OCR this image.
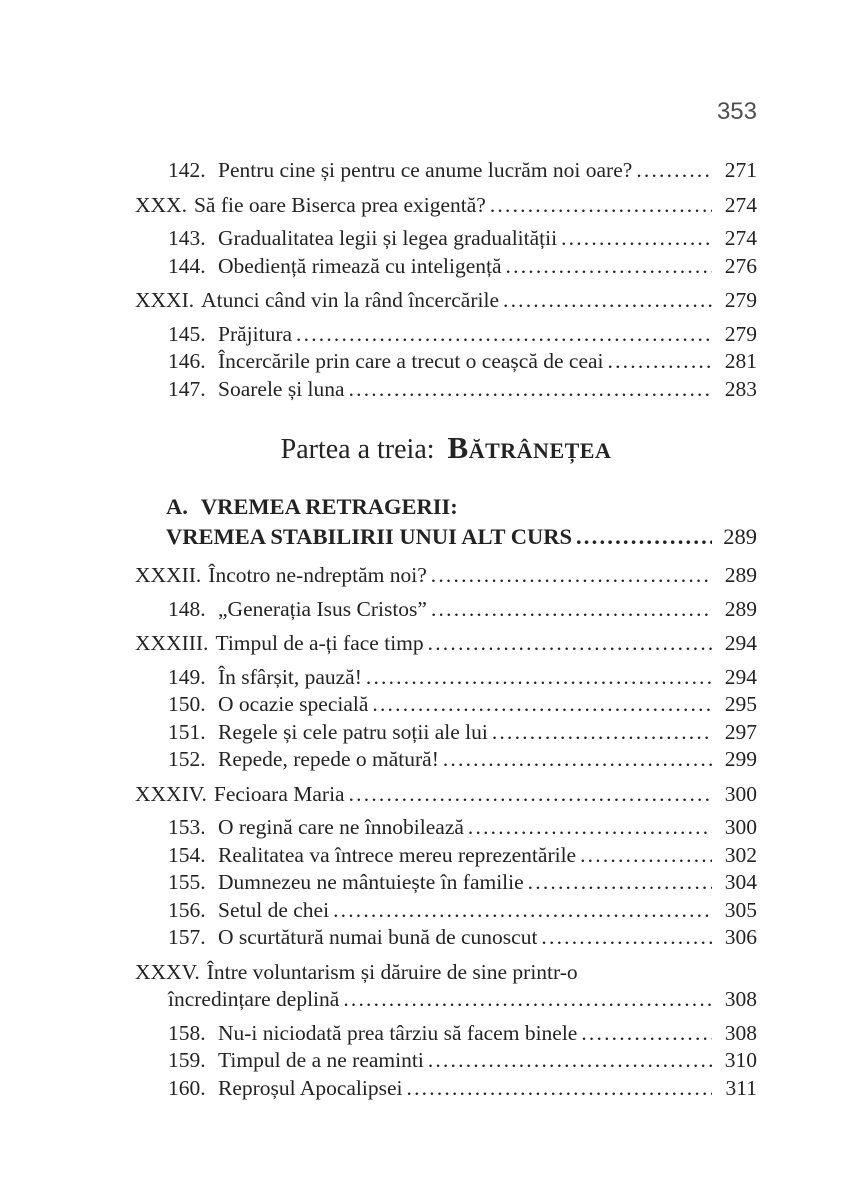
353
142. Pentru cine și pentru ce anume lucrăm noi oare? .....	271
XXX. Să fie oare Biserca prea exigentă? .....	274
143. Gradualitatea legii și legea gradualității .....	274
144. Obediență rimează cu inteligență .....	276
XXXI. Atunci când vin la rând încercările .....	279
145. Prăjitura .....	279
146. Încercările prin care a trecut o ceașcă de ceai .....	281
147. Soarele și luna .....	283
Partea a treia: Bătrânețea
A. VREMEA RETRAGERII:
VREMEA STABILIRII UNUI ALT CURS .....	289
XXXII. Încotro ne-ndreptăm noi? .....	289
148. „Generația Isus Cristos” .....	289
XXXIII. Timpul de a-ți face timp .....	294
149. În sfârșit, pauză! .....	294
150. O ocazie specială .....	295
151. Regele și cele patru soții ale lui .....	297
152. Repede, repede o mătură! .....	299
XXXIV. Fecioara Maria .....	300
153. O regină care ne înnobilează .....	300
154. Realitatea va întrece mereu reprezentările .....	302
155. Dumnezeu ne mântuiește în familie .....	304
156. Setul de chei .....	305
157. O scurtătură numai bună de cunoscut .....	306
XXXV. Între voluntarism și dăruire de sine printr-o
încredințare deplină .....	308
158. Nu-i niciodată prea târziu să facem binele .....	308
159. Timpul de a ne reaminti .....	310
160. Reproșul Apocalipsei .....	311
